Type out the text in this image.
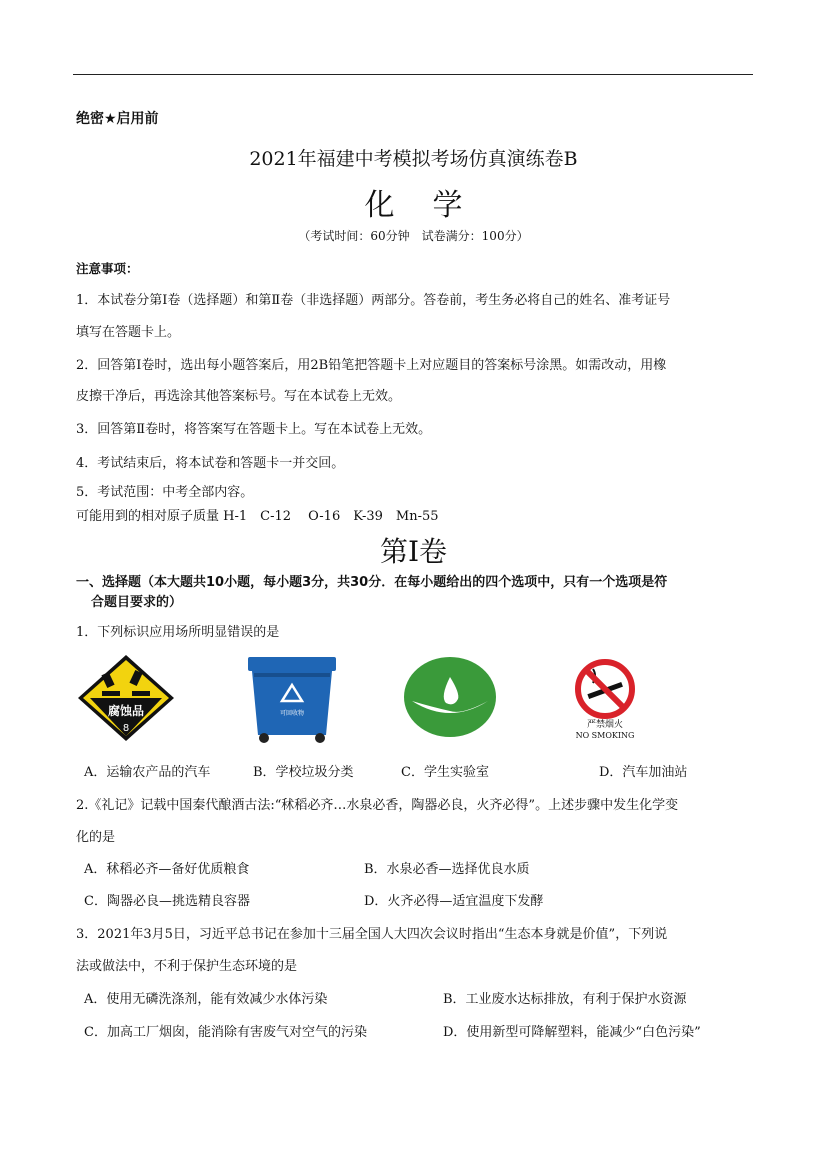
绝密★启用前
2021年福建中考模拟考场仿真演练卷B
化学
（考试时间：60分钟　试卷满分：100分）
注意事项：
1．本试卷分第Ⅰ卷（选择题）和第Ⅱ卷（非选择题）两部分。答卷前，考生务必将自己的姓名、准考证号
填写在答题卡上。
2．回答第Ⅰ卷时，选出每小题答案后，用2B铅笔把答题卡上对应题目的答案标号涂黑。如需改动，用橡
皮擦干净后，再选涂其他答案标号。写在本试卷上无效。
3．回答第Ⅱ卷时，将答案写在答题卡上。写在本试卷上无效。
4．考试结束后，将本试卷和答题卡一并交回。
5．考试范围：中考全部内容。
可能用到的相对原子质量 H-1　C-12　 O-16　K-39　Mn-55
第Ⅰ卷
一、选择题（本大题共10小题，每小题3分，共30分．在每小题给出的四个选项中，只有一个选项是符
合题目要求的）
1．下列标识应用场所明显错误的是
腐蚀品
8
可回收物
严禁烟火
NO SMOKING
A．运输农产品的汽车	B．学校垃圾分类	C．学生实验室	D．汽车加油站
2.《礼记》记载中国秦代酿酒古法:“秫稻必齐…水泉必香，陶器必良，火齐必得”。上述步骤中发生化学变
化的是
A．秫稻必齐—备好优质粮食	B．水泉必香—选择优良水质
C．陶器必良—挑选精良容器	D．火齐必得—适宜温度下发酵
3．2021年3月5日，习近平总书记在参加十三届全国人大四次会议时指出“生态本身就是价值”，下列说
法或做法中，不利于保护生态环境的是
A．使用无磷洗涤剂，能有效减少水体污染	B．工业废水达标排放，有利于保护水资源
C．加高工厂烟囱，能消除有害废气对空气的污染	D．使用新型可降解塑料，能减少“白色污染”
